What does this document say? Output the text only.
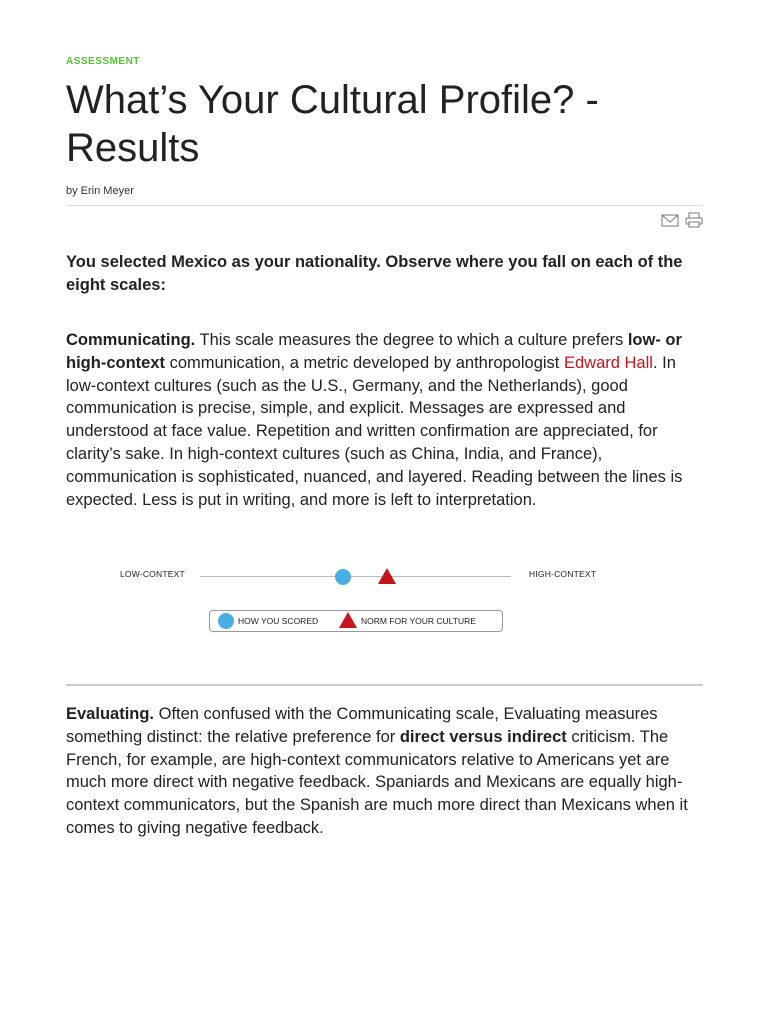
ASSESSMENT
What’s Your Cultural Profile? - Results
by Erin Meyer
You selected Mexico as your nationality. Observe where you fall on each of the eight scales:
Communicating. This scale measures the degree to which a culture prefers low- or high-context communication, a metric developed by anthropologist Edward Hall. In low-context cultures (such as the U.S., Germany, and the Netherlands), good communication is precise, simple, and explicit. Messages are expressed and understood at face value. Repetition and written confirmation are appreciated, for clarity’s sake. In high-context cultures (such as China, India, and France), communication is sophisticated, nuanced, and layered. Reading between the lines is expected. Less is put in writing, and more is left to interpretation.
LOW-CONTEXT	HIGH-CONTEXT
HOW YOU SCORED	NORM FOR YOUR CULTURE
Evaluating. Often confused with the Communicating scale, Evaluating measures something distinct: the relative preference for direct versus indirect criticism. The French, for example, are high-context communicators relative to Americans yet are much more direct with negative feedback. Spaniards and Mexicans are equally high-context communicators, but the Spanish are much more direct than Mexicans when it comes to giving negative feedback.
